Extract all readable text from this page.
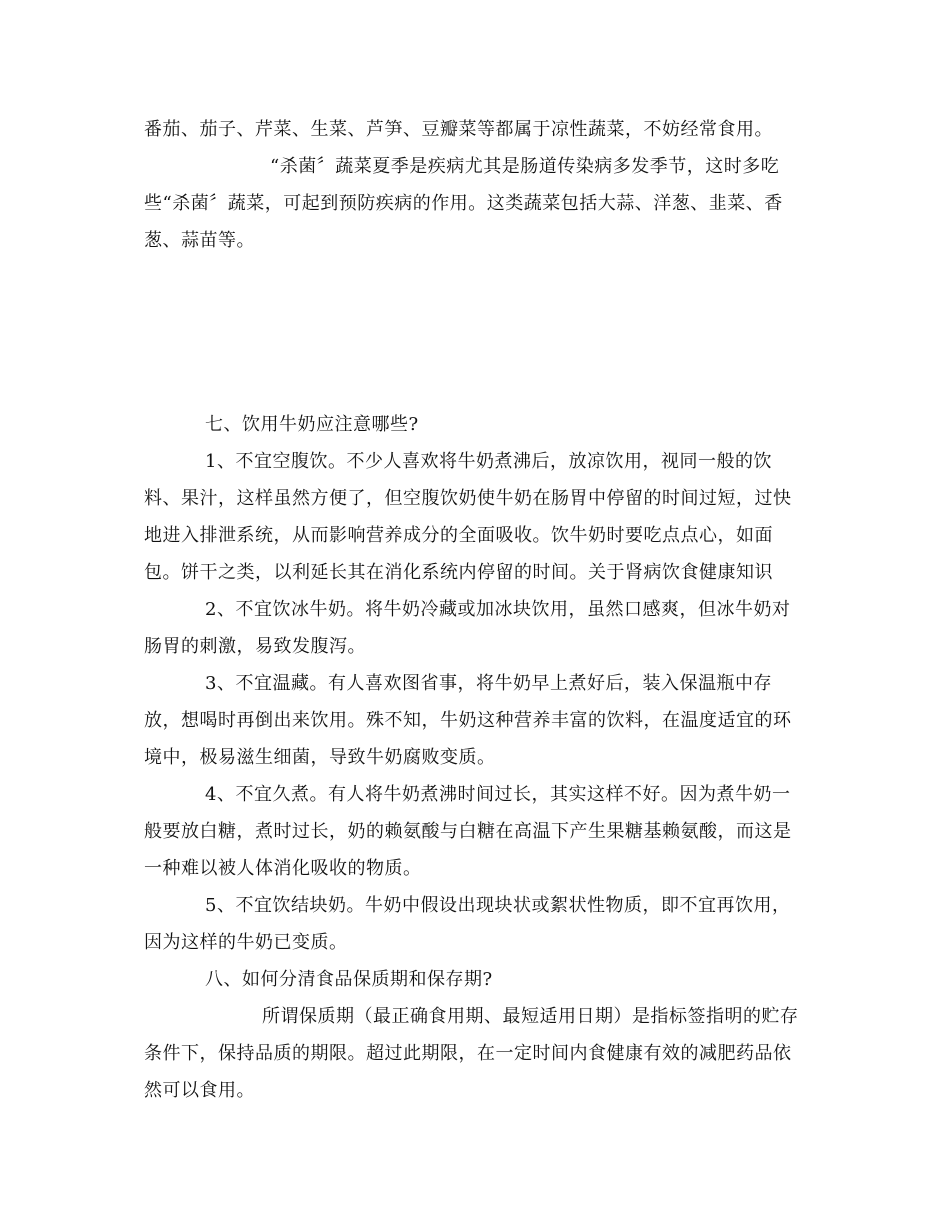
番茄、茄子、芹菜、生菜、芦笋、豆瓣菜等都属于凉性蔬菜，不妨经常食用。
“杀菌〞蔬菜夏季是疾病尤其是肠道传染病多发季节，这时多吃
些“杀菌〞蔬菜，可起到预防疾病的作用。这类蔬菜包括大蒜、洋葱、韭菜、香
葱、蒜苗等。
七、饮用牛奶应注意哪些?
1、不宜空腹饮。不少人喜欢将牛奶煮沸后，放凉饮用，视同一般的饮
料、果汁，这样虽然方便了，但空腹饮奶使牛奶在肠胃中停留的时间过短，过快
地进入排泄系统，从而影响营养成分的全面吸收。饮牛奶时要吃点点心，如面
包。饼干之类，以利延长其在消化系统内停留的时间。关于肾病饮食健康知识
2、不宜饮冰牛奶。将牛奶冷藏或加冰块饮用，虽然口感爽，但冰牛奶对
肠胃的刺激，易致发腹泻。
3、不宜温藏。有人喜欢图省事，将牛奶早上煮好后，装入保温瓶中存
放，想喝时再倒出来饮用。殊不知，牛奶这种营养丰富的饮料，在温度适宜的环
境中，极易滋生细菌，导致牛奶腐败变质。
4、不宜久煮。有人将牛奶煮沸时间过长，其实这样不好。因为煮牛奶一
般要放白糖，煮时过长，奶的赖氨酸与白糖在高温下产生果糖基赖氨酸，而这是
一种难以被人体消化吸收的物质。
5、不宜饮结块奶。牛奶中假设出现块状或絮状性物质，即不宜再饮用，
因为这样的牛奶已变质。
八、如何分清食品保质期和保存期?
所谓保质期（最正确食用期、最短适用日期）是指标签指明的贮存
条件下，保持品质的期限。超过此期限，在一定时间内食健康有效的减肥药品依
然可以食用。
